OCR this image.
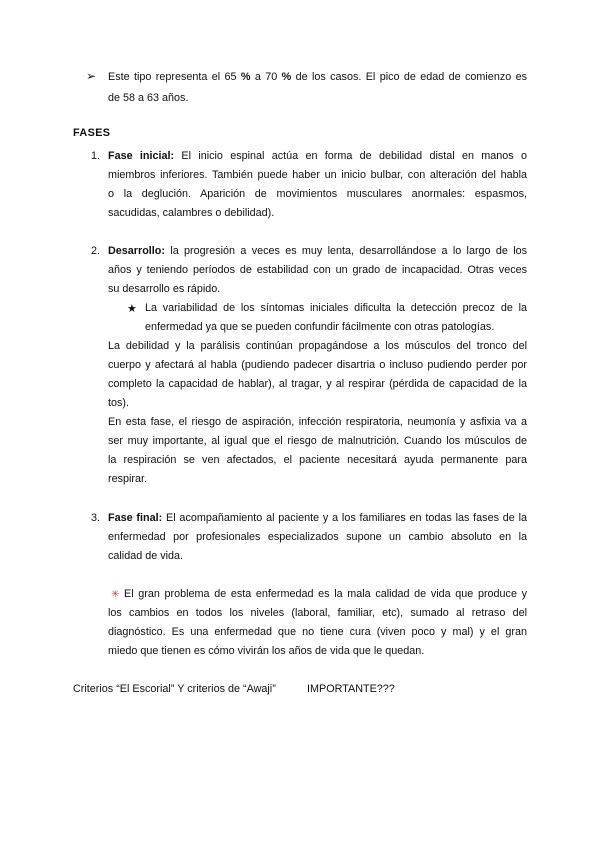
➢
Este tipo representa el 65 % a 70 % de los casos. El pico de edad de comienzo es
de 58 a 63 años.
FASES
1. Fase inicial: El inicio espinal actúa en forma de debilidad distal en manos o
miembros inferiores. También puede haber un inicio bulbar, con alteración del habla
o la deglución. Aparición de movimientos musculares anormales: espasmos,
sacudidas, calambres o debilidad).
2. Desarrollo: la progresión a veces es muy lenta, desarrollándose a lo largo de los
años y teniendo períodos de estabilidad con un grado de incapacidad. Otras veces
su desarrollo es rápido.
★
La variabilidad de los síntomas iniciales dificulta la detección precoz de la
enfermedad ya que se pueden confundir fácilmente con otras patologías.
La debilidad y la parálisis continúan propagándose a los músculos del tronco del
cuerpo y afectará al habla (pudiendo padecer disartria o incluso pudiendo perder por
completo la capacidad de hablar), al tragar, y al respirar (pérdida de capacidad de la
tos).
En esta fase, el riesgo de aspiración, infección respiratoria, neumonía y asfixia va a
ser muy importante, al igual que el riesgo de malnutrición. Cuando los músculos de
la respiración se ven afectados, el paciente necesitará ayuda permanente para
respirar.
3. Fase final: El acompañamiento al paciente y a los familiares en todas las fases de la
enfermedad por profesionales especializados supone un cambio absoluto en la
calidad de vida.
✳ El gran problema de esta enfermedad es la mala calidad de vida que produce y
los cambios en todos los niveles (laboral, familiar, etc), sumado al retraso del
diagnóstico. Es una enfermedad que no tiene cura (viven poco y mal) y el gran
miedo que tienen es cómo vivirán los años de vida que le quedan.
Criterios “El Escorial” Y criterios de “Awaji”	IMPORTANTE???
